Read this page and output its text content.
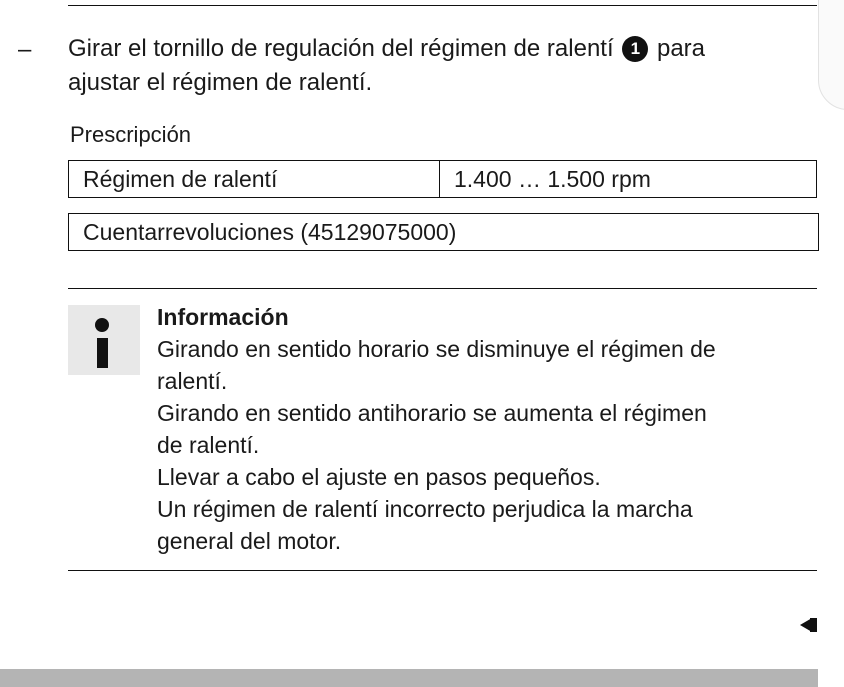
– Girar el tornillo de regulación del régimen de ralentí 1 para
ajustar el régimen de ralentí.
Prescripción
Régimen de ralentí	1.400 … 1.500 rpm
Cuentarrevoluciones (45129075000)
Información
Girando en sentido horario se disminuye el régimen de
ralentí.
Girando en sentido antihorario se aumenta el régimen
de ralentí.
Llevar a cabo el ajuste en pasos pequeños.
Un régimen de ralentí incorrecto perjudica la marcha
general del motor.
